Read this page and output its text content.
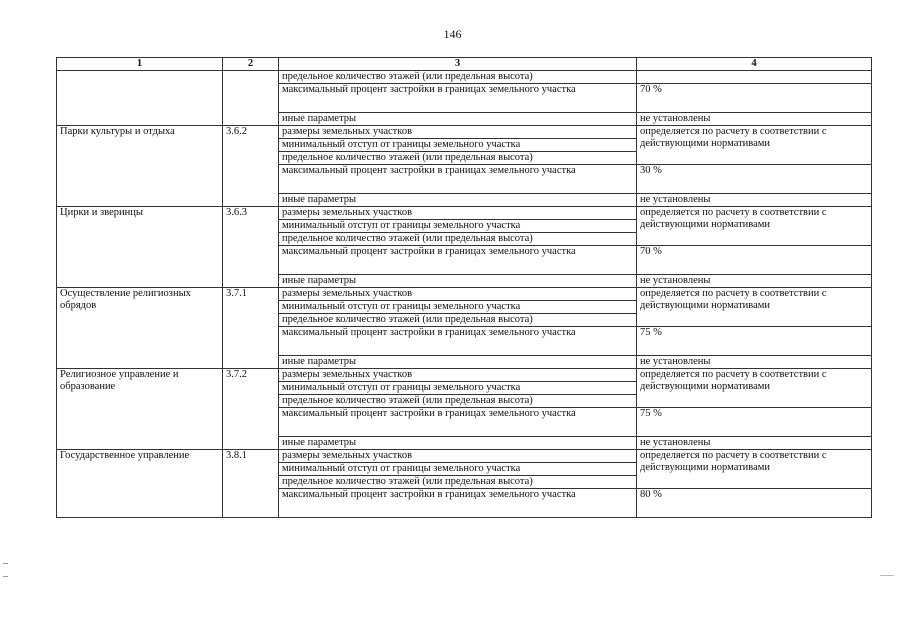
146
1	2	3	4
		предельное количество этажей (или предельная высота)	
		максимальный процент застройки в границах земельного участка	70 %
		иные параметры	не установлены
Парки культуры и отдыха	3.6.2	размеры земельных участков	определяется по расчету в соответствии с действующими нормативами
		минимальный отступ от границы земельного участка	
		предельное количество этажей (или предельная высота)	
		максимальный процент застройки в границах земельного участка	30 %
		иные параметры	не установлены
Цирки и зверинцы	3.6.3	размеры земельных участков	определяется по расчету в соответствии с действующими нормативами
		минимальный отступ от границы земельного участка	
		предельное количество этажей (или предельная высота)	
		максимальный процент застройки в границах земельного участка	70 %
		иные параметры	не установлены
Осуществление религиозных обрядов	3.7.1	размеры земельных участков	определяется по расчету в соответствии с действующими нормативами
		минимальный отступ от границы земельного участка	
		предельное количество этажей (или предельная высота)	
		максимальный процент застройки в границах земельного участка	75 %
		иные параметры	не установлены
Религиозное управление и образование	3.7.2	размеры земельных участков	определяется по расчету в соответствии с действующими нормативами
		минимальный отступ от границы земельного участка	
		предельное количество этажей (или предельная высота)	
		максимальный процент застройки в границах земельного участка	75 %
		иные параметры	не установлены
Государственное управление	3.8.1	размеры земельных участков	определяется по расчету в соответствии с действующими нормативами
		минимальный отступ от границы земельного участка	
		предельное количество этажей (или предельная высота)	
		максимальный процент застройки в границах земельного участка	80 %
